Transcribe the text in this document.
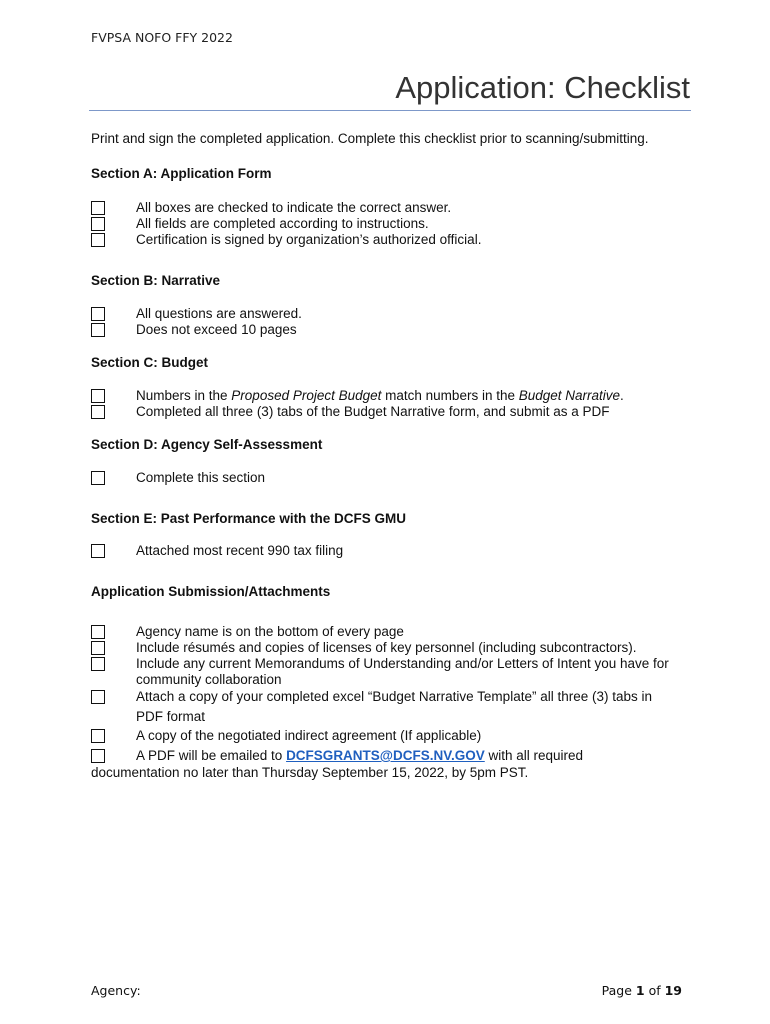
FVPSA NOFO FFY 2022
Application: Checklist
Print and sign the completed application. Complete this checklist prior to scanning/submitting.
Section A: Application Form
All boxes are checked to indicate the correct answer.
All fields are completed according to instructions.
Certification is signed by organization’s authorized official.
Section B: Narrative
All questions are answered.
Does not exceed 10 pages
Section C: Budget
Numbers in the Proposed Project Budget match numbers in the Budget Narrative.
Completed all three (3) tabs of the Budget Narrative form, and submit as a PDF
Section D: Agency Self-Assessment
Complete this section
Section E: Past Performance with the DCFS GMU
Attached most recent 990 tax filing
Application Submission/Attachments
Agency name is on the bottom of every page
Include résumés and copies of licenses of key personnel (including subcontractors).
Include any current Memorandums of Understanding and/or Letters of Intent you have for community collaboration
Attach a copy of your completed excel “Budget Narrative Template” all three (3) tabs in
PDF format
A copy of the negotiated indirect agreement (If applicable)
A PDF will be emailed to DCFSGRANTS@DCFS.NV.GOV with all required
documentation no later than Thursday September 15, 2022, by 5pm PST.
Agency:	Page 1 of 19
